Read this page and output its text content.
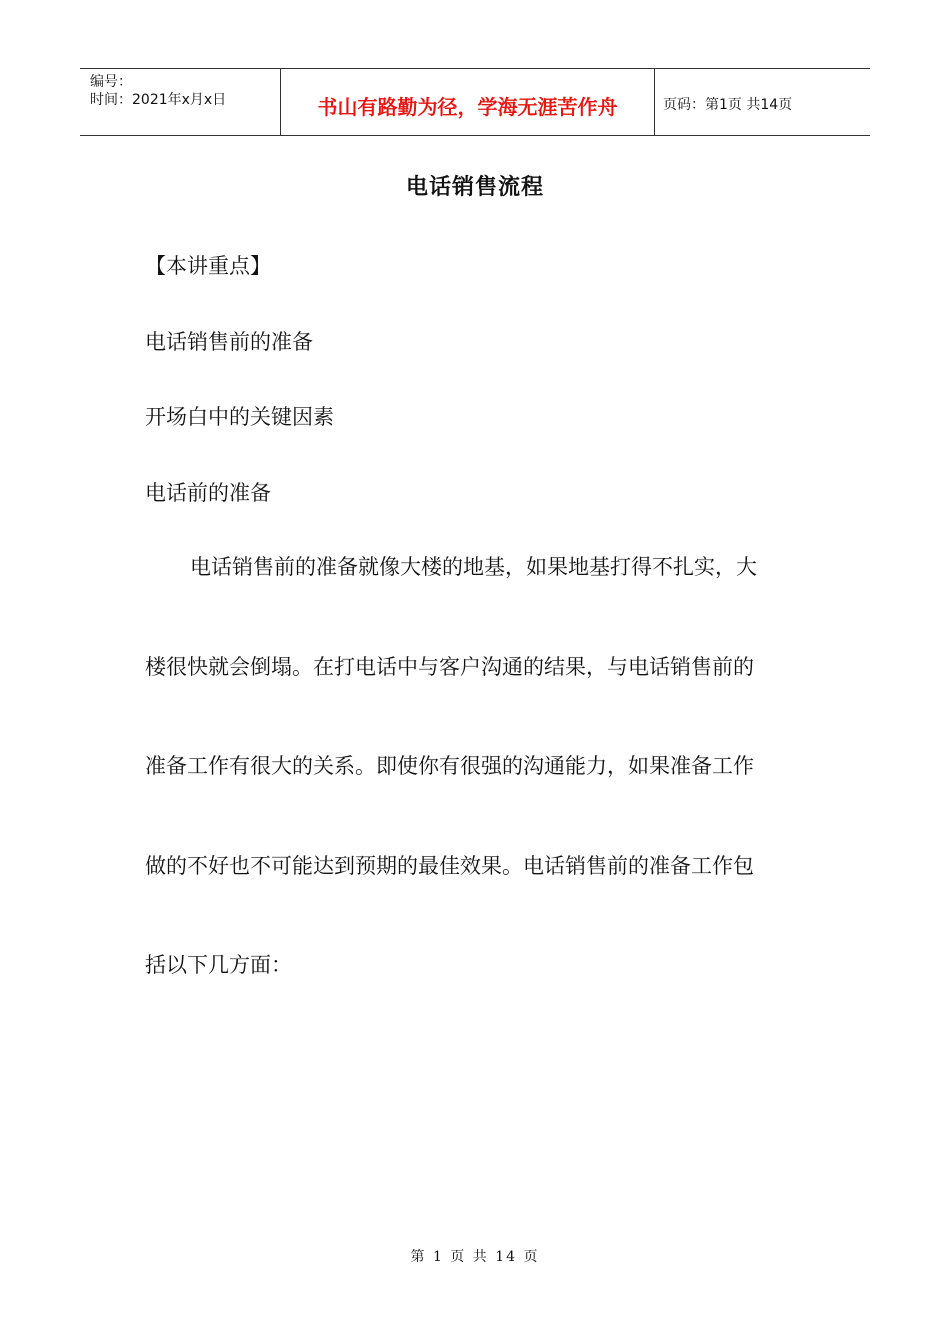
编号：
时间：2021年x月x日	书山有路勤为径，学海无涯苦作舟	页码：第1页 共14页
电话销售流程
【本讲重点】
电话销售前的准备
开场白中的关键因素
电话前的准备
电话销售前的准备就像大楼的地基，如果地基打得不扎实，大
楼很快就会倒塌。在打电话中与客户沟通的结果，与电话销售前的
准备工作有很大的关系。即使你有很强的沟通能力，如果准备工作
做的不好也不可能达到预期的最佳效果。电话销售前的准备工作包
括以下几方面：
第 1 页 共 14 页
